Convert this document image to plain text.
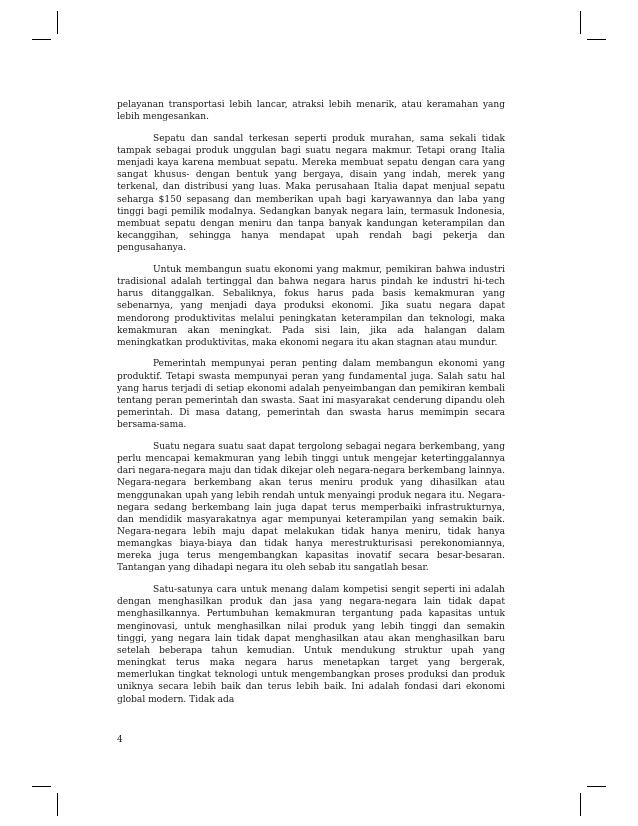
pelayanan transportasi lebih lancar, atraksi lebih menarik, atau keramahan yang lebih mengesankan.

Sepatu dan sandal terkesan seperti produk murahan, sama sekali tidak tampak sebagai produk unggulan bagi suatu negara makmur. Tetapi orang Italia menjadi kaya karena membuat sepatu. Mereka membuat sepatu dengan cara yang sangat khusus- dengan bentuk yang bergaya, disain yang indah, merek yang terkenal, dan distribusi yang luas. Maka perusahaan Italia dapat menjual sepatu seharga $150 sepasang dan memberikan upah bagi karyawannya dan laba yang tinggi bagi pemilik modalnya. Sedangkan banyak negara lain, termasuk Indonesia, membuat sepatu dengan meniru dan tanpa banyak kandungan keterampilan dan kecanggihan, sehingga hanya mendapat upah rendah bagi pekerja dan pengusahanya.

Untuk membangun suatu ekonomi yang makmur, pemikiran bahwa industri tradisional adalah tertinggal dan bahwa negara harus pindah ke industri hi-tech harus ditanggalkan. Sebaliknya, fokus harus pada basis kemakmuran yang sebenarnya, yang menjadi daya produksi ekonomi. Jika suatu negara dapat mendorong produktivitas melalui peningkatan keterampilan dan teknologi, maka kemakmuran akan meningkat. Pada sisi lain, jika ada halangan dalam meningkatkan produktivitas, maka ekonomi negara itu akan stagnan atau mundur.

Pemerintah mempunyai peran penting dalam membangun ekonomi yang produktif. Tetapi swasta mempunyai peran yang fundamental juga. Salah satu hal yang harus terjadi di setiap ekonomi adalah penyeimbangan dan pemikiran kembali tentang peran pemerintah dan swasta. Saat ini masyarakat cenderung dipandu oleh pemerintah. Di masa datang, pemerintah dan swasta harus memimpin secara bersama-sama.

Suatu negara suatu saat dapat tergolong sebagai negara berkembang, yang perlu mencapai kemakmuran yang lebih tinggi untuk mengejar ketertinggalannya dari negara-negara maju dan tidak dikejar oleh negara-negara berkembang lainnya. Negara-negara berkembang akan terus meniru produk yang dihasilkan atau menggunakan upah yang lebih rendah untuk menyaingi produk negara itu. Negara-negara sedang berkembang lain juga dapat terus memperbaiki infrastrukturnya, dan mendidik masyarakatnya agar mempunyai keterampilan yang semakin baik. Negara-negara lebih maju dapat melakukan tidak hanya meniru, tidak hanya memangkas biaya-biaya dan tidak hanya merestrukturisasi perekonomiannya, mereka juga terus mengembangkan kapasitas inovatif secara besar-besaran. Tantangan yang dihadapi negara itu oleh sebab itu sangatlah besar.

Satu-satunya cara untuk menang dalam kompetisi sengit seperti ini adalah dengan menghasilkan produk dan jasa yang negara-negara lain tidak dapat menghasilkannya. Pertumbuhan kemakmuran tergantung pada kapasitas untuk menginovasi, untuk menghasilkan nilai produk yang lebih tinggi dan semakin tinggi, yang negara lain tidak dapat menghasilkan atau akan menghasilkan baru setelah beberapa tahun kemudian. Untuk mendukung struktur upah yang meningkat terus maka negara harus menetapkan target yang bergerak, memerlukan tingkat teknologi untuk mengembangkan proses produksi dan produk uniknya secara lebih baik dan terus lebih baik. Ini adalah fondasi dari ekonomi global modern. Tidak ada

4
